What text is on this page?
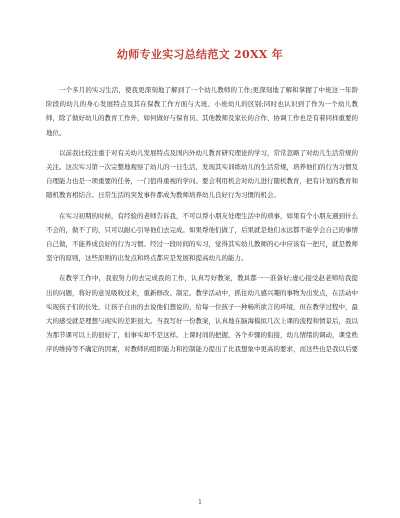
幼师专业实习总结范文 20XX 年

一个多月的实习生活，使我更深刻地了解到了一个幼儿教师的工作;更深刻地了解和掌握了中班这一年龄阶段的幼儿的身心发展特点及其在保教工作方面与大班、小班幼儿的区别;同时也认识到了作为一个幼儿教师，除了做好幼儿的教育工作外，如何做好与保育员、其他教师及家长的合作、协调工作也是有着同样重要的地位。

以前我比较注重于对有关幼儿发展特点及国内外幼儿教育研究理论的学习，常常忽略了对幼儿生活常规的关注。这次实习第一次完整地观察了幼儿的一日生活，发现其实训练幼儿的生活常规，培养他们的行为习惯及自理能力也是一项重要的任务，一门值得重视的学问。要会利用机会对幼儿进行随机教育，把有计划的教育和随机教育相结合。日常生活的突发事件都成为教师培养幼儿良好行为习惯的机会。

在实习初期的时候，有经验的老师告诉我，不可以帮小朋友处理生活中的琐事，如果有个小朋友遇到什么不会的，做不了的，只可以耐心引导他们去完成。如果帮他们做了，后果就是他们永远都不能学会自己的事情自己做，不能养成良好的行为习惯。经过一段时间的实习，觉得其实幼儿教师的心中应该有一把尺，就是教师坚守的原则，这些原则的出发点和终点都应是发展和提高幼儿的能力。

在教学工作中，我很努力的去完成我的工作，认真写好教案，教具都一一准备好;虚心接受赵老师给我提出的问题，将好的意见吸收过来，重新修改、制定。教学活动中，抓住幼儿感兴趣的事物为出发点，在活动中实现孩子们的长处，让孩子自由的去说他们想说的，给每一位孩子一种畅所欲言的环境，但在教学过程中，最大的感受就是理想与现实的差距很大。当我写好一份教案，认真地在脑海模拟几次上课的流程和情景后，我以为那节课可以上的很好了，但事实却不是这样。上课时间的把握，各个步骤的衔接，幼儿情绪的调动，课堂秩序的维持等不确定的因素，对教师的组织能力和控制能力提出了比我想象中更高的要求，而这些也是我以后要

1
